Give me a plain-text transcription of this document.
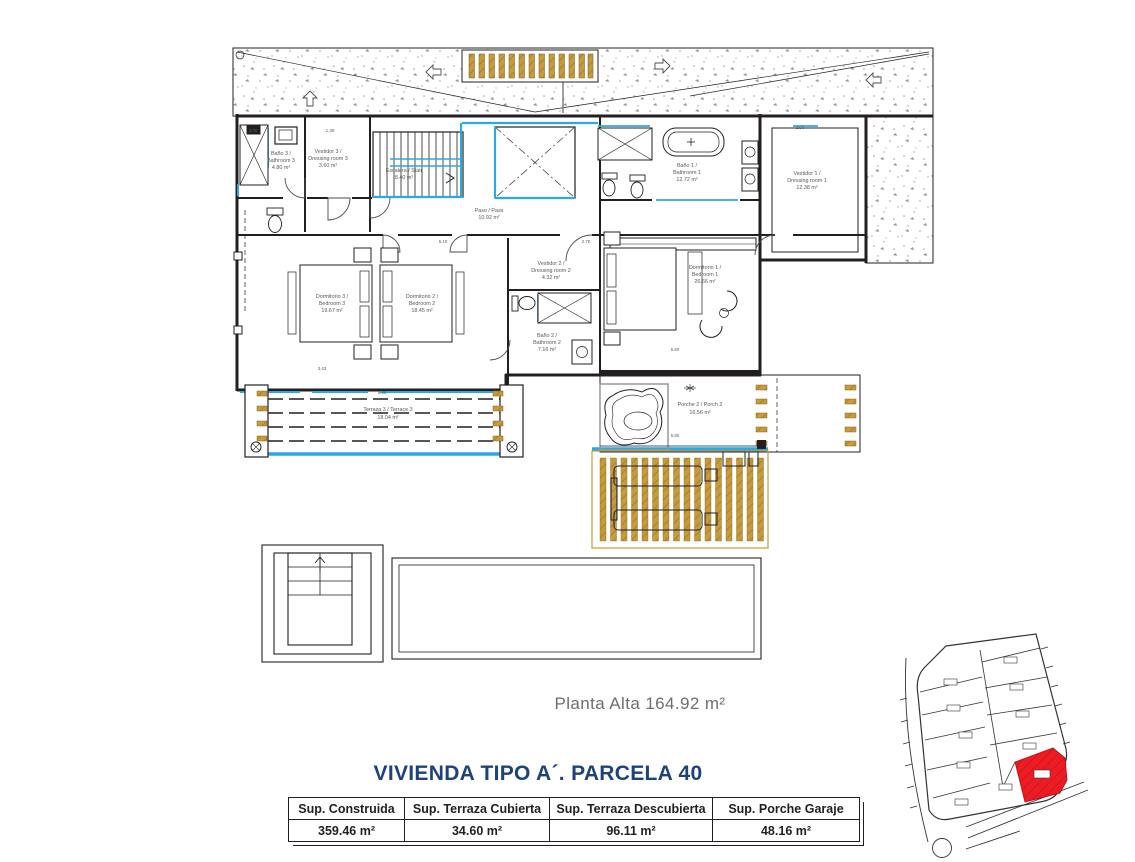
Baño 3 /
Bathroom 3
4.80 m²
Vestidor 3 /
Dressing room 3
3.60 m²
Escalera / Stair
8.40 m²
Paso / Pass
10.92 m²
Baño 1 /
Bathroom 1
12.72 m²
Vestidor 1 /
Dressing room 1
12.38 m²
Dormitorio 1 /
Bedroom 1
26.66 m²
Vestidor 2 /
Dressing room 2
4.32 m²
Dormitorio 3 /
Bedroom 3
19.67 m²
Dormitorio 2 /
Bedroom 2
18.45 m²
Baño 2 /
Bathroom 2
7.16 m²
Porche 2 / Porch 2
16.56 m²
Terraza 3 / Terrace 3
18.04 m²
3.00	1.30
2.90
6.10	2.70
3.43
8.35
5.80
5.80
Planta Alta 164.92 m²
VIVIENDA TIPO A´. PARCELA 40
Sup. Construida	Sup. Terraza Cubierta	Sup. Terraza Descubierta	Sup. Porche Garaje
359.46 m²	34.60 m²	96.11 m²	48.16 m²
